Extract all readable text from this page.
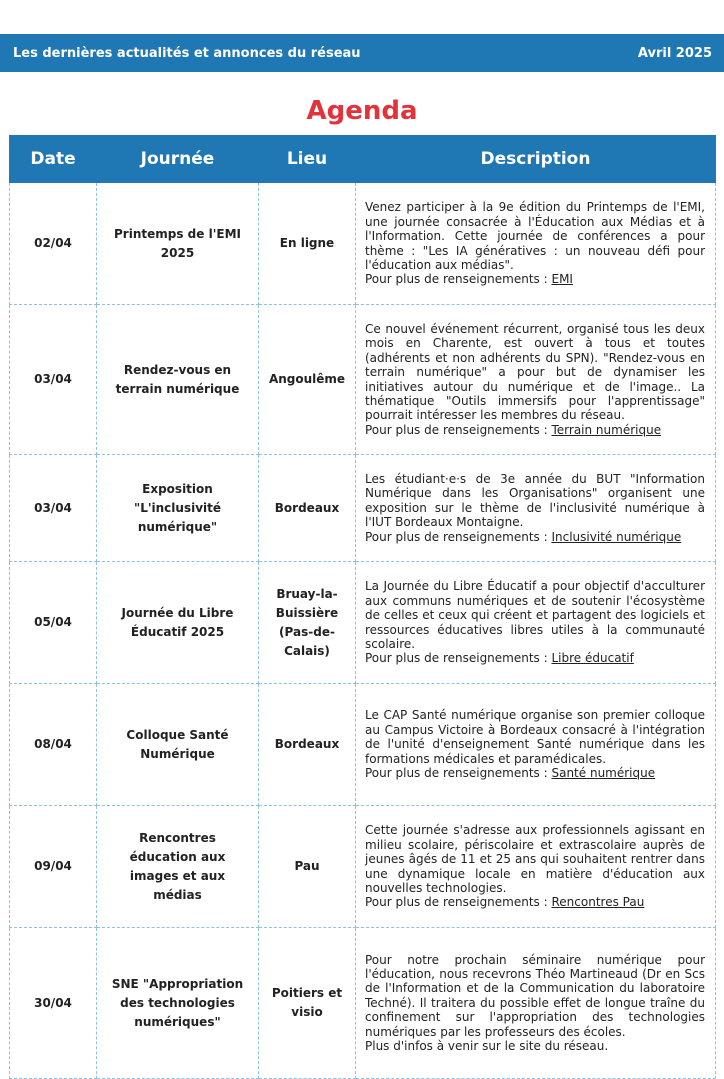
Les dernières actualités et annonces du réseau	Avril 2025
Agenda
Date	Journée	Lieu	Description
02/04	Printemps de l'EMI 2025	En ligne	Venez participer à la 9e édition du Printemps de l'EMI, une journée consacrée à l'Éducation aux Médias et à l'Information. Cette journée de conférences a pour thème : "Les IA génératives : un nouveau défi pour l'éducation aux médias".
Pour plus de renseignements : EMI

03/04	Rendez-vous en terrain numérique	Angoulême	Ce nouvel événement récurrent, organisé tous les deux mois en Charente, est ouvert à tous et toutes (adhérents et non adhérents du SPN). "Rendez-vous en terrain numérique" a pour but de dynamiser les initiatives autour du numérique et de l'image.. La thématique "Outils immersifs pour l'apprentissage" pourrait intéresser les membres du réseau.
Pour plus de renseignements : Terrain numérique

03/04	Exposition "L'inclusivité numérique"	Bordeaux	Les étudiant·e·s de 3e année du BUT "Information Numérique dans les Organisations" organisent une exposition sur le thème de l'inclusivité numérique à l'IUT Bordeaux Montaigne.
Pour plus de renseignements : Inclusivité numérique

05/04	Journée du Libre Éducatif 2025	Bruay-la-Buissière (Pas-de-Calais)	La Journée du Libre Éducatif a pour objectif d'acculturer aux communs numériques et de soutenir l'écosystème de celles et ceux qui créent et partagent des logiciels et ressources éducatives libres utiles à la communauté scolaire.
Pour plus de renseignements : Libre éducatif

08/04	Colloque Santé Numérique	Bordeaux	Le CAP Santé numérique organise son premier colloque au Campus Victoire à Bordeaux consacré à l'intégration de l'unité d'enseignement Santé numérique dans les formations médicales et paramédicales.
Pour plus de renseignements : Santé numérique

09/04	Rencontres éducation aux images et aux médias	Pau	Cette journée s'adresse aux professionnels agissant en milieu scolaire, périscolaire et extrascolaire auprès de jeunes âgés de 11 et 25 ans qui souhaitent rentrer dans une dynamique locale en matière d'éducation aux nouvelles technologies.
Pour plus de renseignements : Rencontres Pau

30/04	SNE "Appropriation des technologies numériques"	Poitiers et visio	Pour notre prochain séminaire numérique pour l'éducation, nous recevrons Théo Martineaud (Dr en Scs de l'Information et de la Communication du laboratoire Techné). Il traitera du possible effet de longue traîne du confinement sur l'appropriation des technologies numériques par les professeurs des écoles.
Plus d'infos à venir sur le site du réseau.
